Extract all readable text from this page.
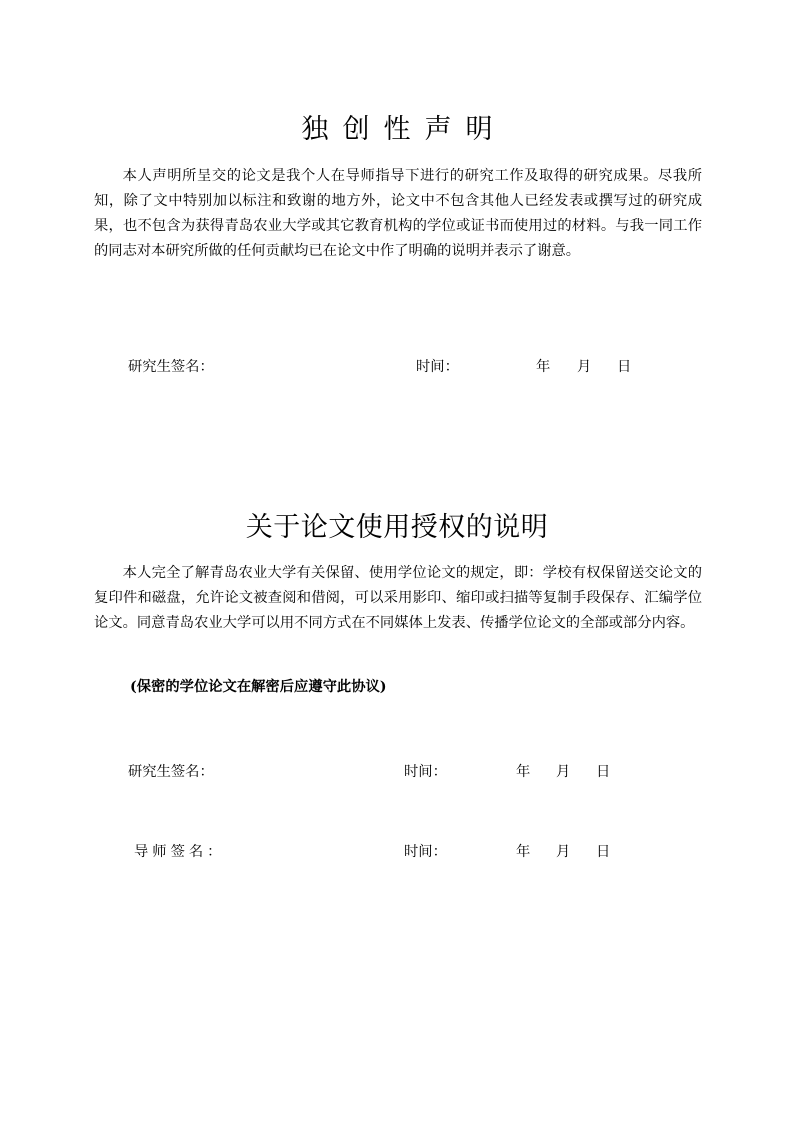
独创性声明

本人声明所呈交的论文是我个人在导师指导下进行的研究工作及取得的研究成果。尽我所知，除了文中特别加以标注和致谢的地方外，论文中不包含其他人已经发表或撰写过的研究成果，也不包含为获得青岛农业大学或其它教育机构的学位或证书而使用过的材料。与我一同工作的同志对本研究所做的任何贡献均已在论文中作了明确的说明并表示了谢意。

研究生签名：	时间：	年 月 日
关于论文使用授权的说明

本人完全了解青岛农业大学有关保留、使用学位论文的规定，即：学校有权保留送交论文的复印件和磁盘，允许论文被查阅和借阅，可以采用影印、缩印或扫描等复制手段保存、汇编学位论文。同意青岛农业大学可以用不同方式在不同媒体上发表、传播学位论文的全部或部分内容。

(保密的学位论文在解密后应遵守此协议)
研究生签名：	时间：	年 月 日
导师签名：	时间：	年 月 日
